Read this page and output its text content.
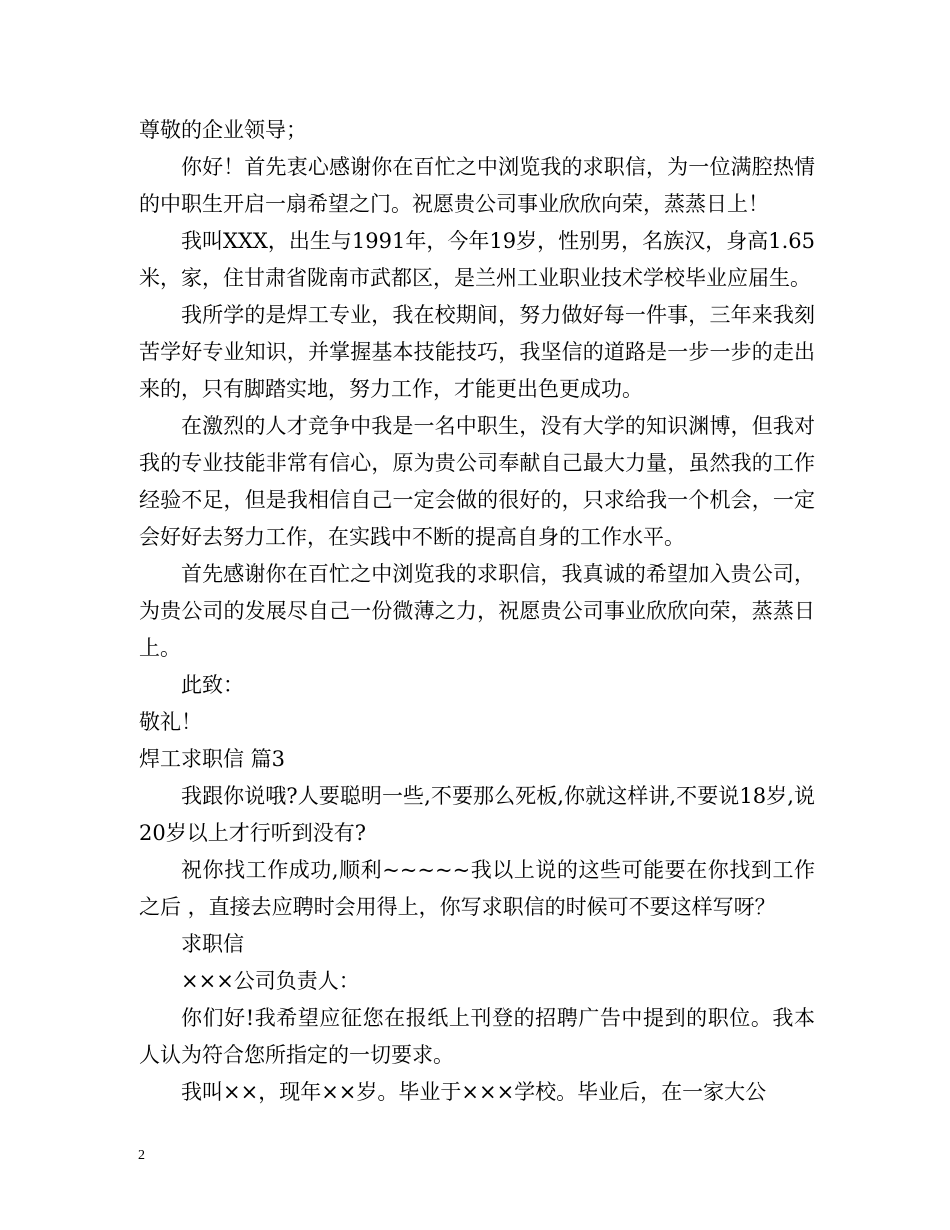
尊敬的企业领导；

你好！首先衷心感谢你在百忙之中浏览我的求职信，为一位满腔热情的中职生开启一扇希望之门。祝愿贵公司事业欣欣向荣，蒸蒸日上！

我叫XXX，出生与1991年，今年19岁，性别男，名族汉，身高1.65米，家，住甘肃省陇南市武都区，是兰州工业职业技术学校毕业应届生。

我所学的是焊工专业，我在校期间，努力做好每一件事，三年来我刻苦学好专业知识，并掌握基本技能技巧，我坚信的道路是一步一步的走出来的，只有脚踏实地，努力工作，才能更出色更成功。

在激烈的人才竞争中我是一名中职生，没有大学的知识渊博，但我对我的专业技能非常有信心，原为贵公司奉献自己最大力量，虽然我的工作经验不足，但是我相信自己一定会做的很好的，只求给我一个机会，一定会好好去努力工作，在实践中不断的提高自身的工作水平。

首先感谢你在百忙之中浏览我的求职信，我真诚的希望加入贵公司，为贵公司的发展尽自己一份微薄之力，祝愿贵公司事业欣欣向荣，蒸蒸日上。

此致：

敬礼！

焊工求职信 篇3

我跟你说哦?人要聪明一些,不要那么死板,你就这样讲,不要说18岁,说20岁以上才行听到没有?

祝你找工作成功,顺利~~~~~我以上说的这些可能要在你找到工作之后 ，直接去应聘时会用得上，你写求职信的时候可不要这样写呀？

求职信

×××公司负责人：

你们好!我希望应征您在报纸上刊登的招聘广告中提到的职位。我本人认为符合您所指定的一切要求。

我叫××，现年××岁。毕业于×××学校。毕业后，在一家大公

2
